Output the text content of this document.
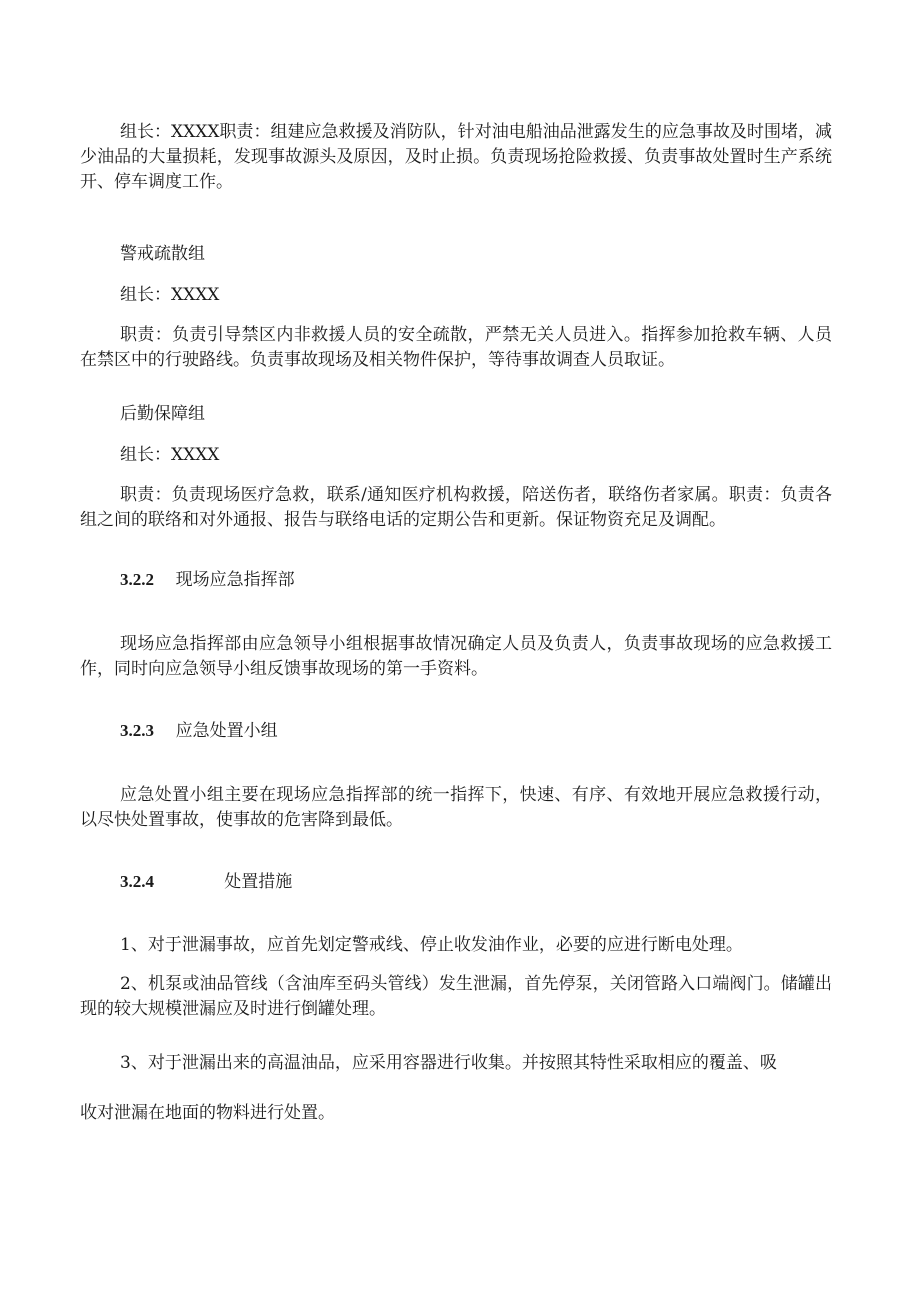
组长：XXXX职责：组建应急救援及消防队，针对油电船油品泄露发生的应急事故及时围堵，减少油品的大量损耗，发现事故源头及原因，及时止损。负责现场抢险救援、负责事故处置时生产系统开、停车调度工作。

警戒疏散组

组长：XXXX

职责：负责引导禁区内非救援人员的安全疏散，严禁无关人员进入。指挥参加抢救车辆、人员在禁区中的行驶路线。负责事故现场及相关物件保护，等待事故调查人员取证。

后勤保障组

组长：XXXX

职责：负责现场医疗急救，联系/通知医疗机构救援，陪送伤者，联络伤者家属。职责：负责各组之间的联络和对外通报、报告与联络电话的定期公告和更新。保证物资充足及调配。

3.2.2 现场应急指挥部

现场应急指挥部由应急领导小组根据事故情况确定人员及负责人，负责事故现场的应急救援工作，同时向应急领导小组反馈事故现场的第一手资料。

3.2.3 应急处置小组

应急处置小组主要在现场应急指挥部的统一指挥下，快速、有序、有效地开展应急救援行动，以尽快处置事故，使事故的危害降到最低。

3.2.4	处置措施

1、对于泄漏事故，应首先划定警戒线、停止收发油作业，必要的应进行断电处理。

2、机泵或油品管线（含油库至码头管线）发生泄漏，首先停泵，关闭管路入口端阀门。储罐出现的较大规模泄漏应及时进行倒罐处理。

3、对于泄漏出来的高温油品，应采用容器进行收集。并按照其特性采取相应的覆盖、吸

收对泄漏在地面的物料进行处置。
